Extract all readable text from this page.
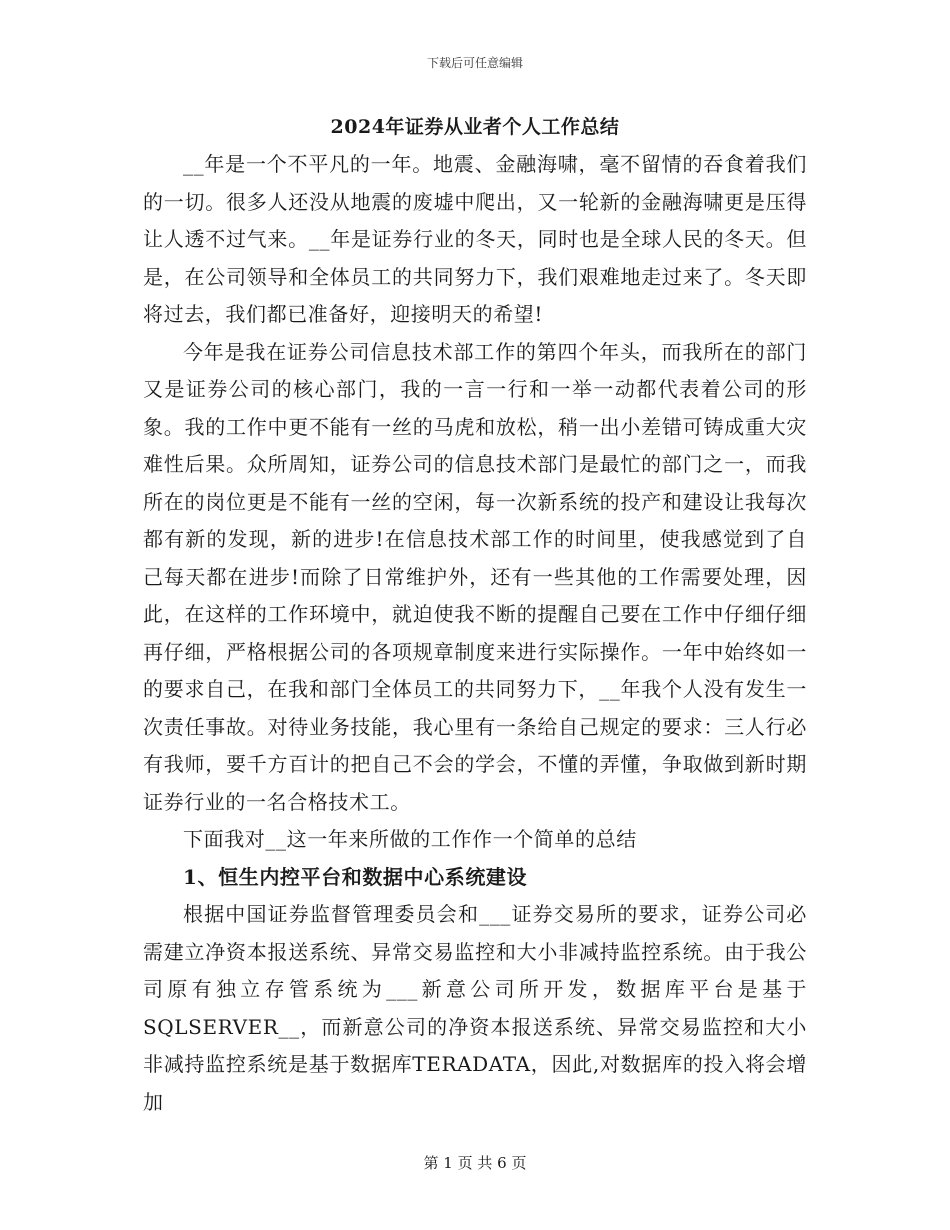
下载后可任意编辑
2024年证券从业者个人工作总结

__年是一个不平凡的一年。地震、金融海啸，毫不留情的吞食着我们的一切。很多人还没从地震的废墟中爬出，又一轮新的金融海啸更是压得让人透不过气来。__年是证券行业的冬天，同时也是全球人民的冬天。但是，在公司领导和全体员工的共同努力下，我们艰难地走过来了。冬天即将过去，我们都已准备好，迎接明天的希望!

今年是我在证券公司信息技术部工作的第四个年头，而我所在的部门又是证券公司的核心部门，我的一言一行和一举一动都代表着公司的形象。我的工作中更不能有一丝的马虎和放松，稍一出小差错可铸成重大灾难性后果。众所周知，证券公司的信息技术部门是最忙的部门之一，而我所在的岗位更是不能有一丝的空闲，每一次新系统的投产和建设让我每次都有新的发现，新的进步!在信息技术部工作的时间里，使我感觉到了自己每天都在进步!而除了日常维护外，还有一些其他的工作需要处理，因此，在这样的工作环境中，就迫使我不断的提醒自己要在工作中仔细仔细再仔细，严格根据公司的各项规章制度来进行实际操作。一年中始终如一的要求自己，在我和部门全体员工的共同努力下，__年我个人没有发生一次责任事故。对待业务技能，我心里有一条给自己规定的要求：三人行必有我师，要千方百计的把自己不会的学会，不懂的弄懂，争取做到新时期证券行业的一名合格技术工。

下面我对__这一年来所做的工作作一个简单的总结

1、恒生内控平台和数据中心系统建设

根据中国证券监督管理委员会和___证券交易所的要求，证券公司必需建立净资本报送系统、异常交易监控和大小非减持监控系统。由于我公司原有独立存管系统为___新意公司所开发，数据库平台是基于SQLSERVER__，而新意公司的净资本报送系统、异常交易监控和大小非减持监控系统是基于数据库TERADATA，因此,对数据库的投入将会增加

第 1 页 共 6 页
